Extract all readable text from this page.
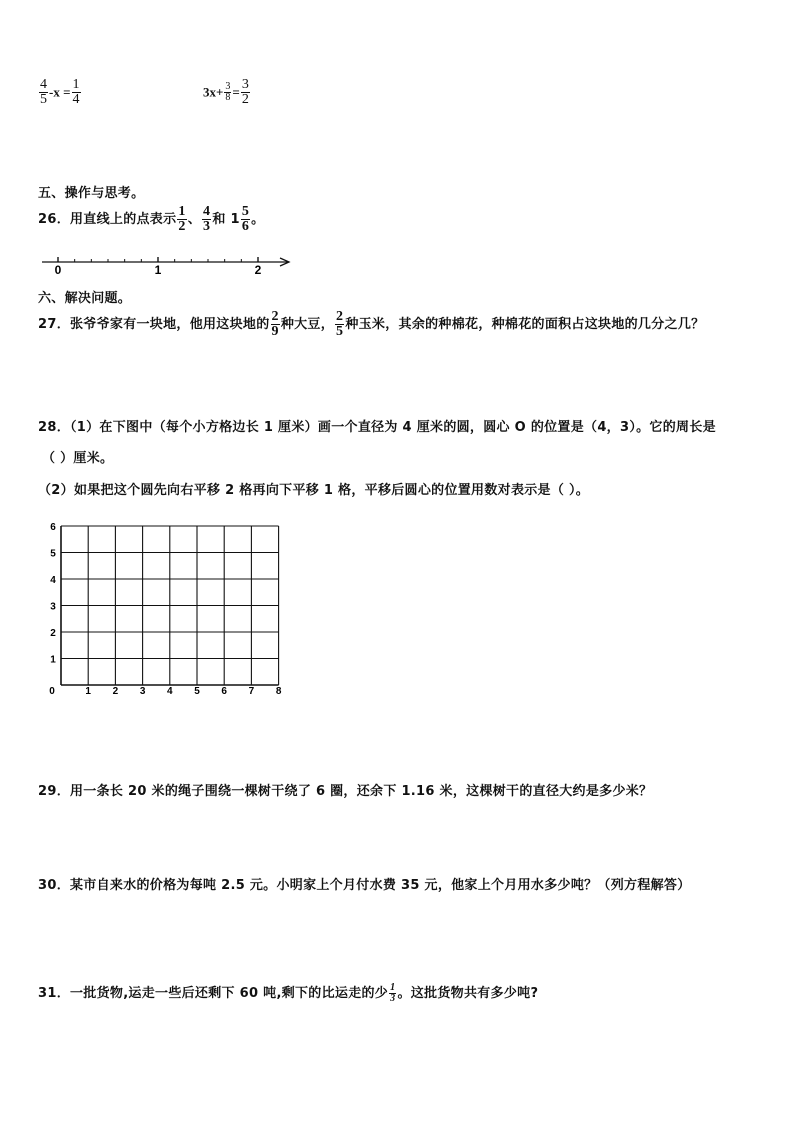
$\frac{4}{5} -x = \frac{1}{4}$	$3x+ \frac{3}{8} = \frac{3}{2}$
五、操作与思考。
26．用直线上的点表示 $\frac{1}{2}$ 、 $\frac{4}{3}$ 和 $1 \frac{5}{6}$ 。
0	1	2
六、解决问题。
27．张爷爷家有一块地，他用这块地的 $\frac{2}{9}$ 种大豆， $\frac{2}{5}$ 种玉米，其余的种棉花，种棉花的面积占这块地的几分之几？
28．（1）在下图中（每个小方格边长 1 厘米）画一个直径为 4 厘米的圆，圆心 O 的位置是（4，3）。它的周长是
（ ）厘米。
（2）如果把这个圆先向右平移 2 格再向下平移 1 格，平移后圆心的位置用数对表示是（ ）。
0	1 2 3 4 5 6 7 8
1
2
3
4
5
6
29．用一条长 20 米的绳子围绕一棵树干绕了 6 圈，还余下 1.16 米，这棵树干的直径大约是多少米？
30．某市自来水的价格为每吨 2.5 元。小明家上个月付水费 35 元，他家上个月用水多少吨？（列方程解答）
31．一批货物,运走一些后还剩下 60 吨,剩下的比运走的少 $\frac{1}{3}$ 。这批货物共有多少吨?
